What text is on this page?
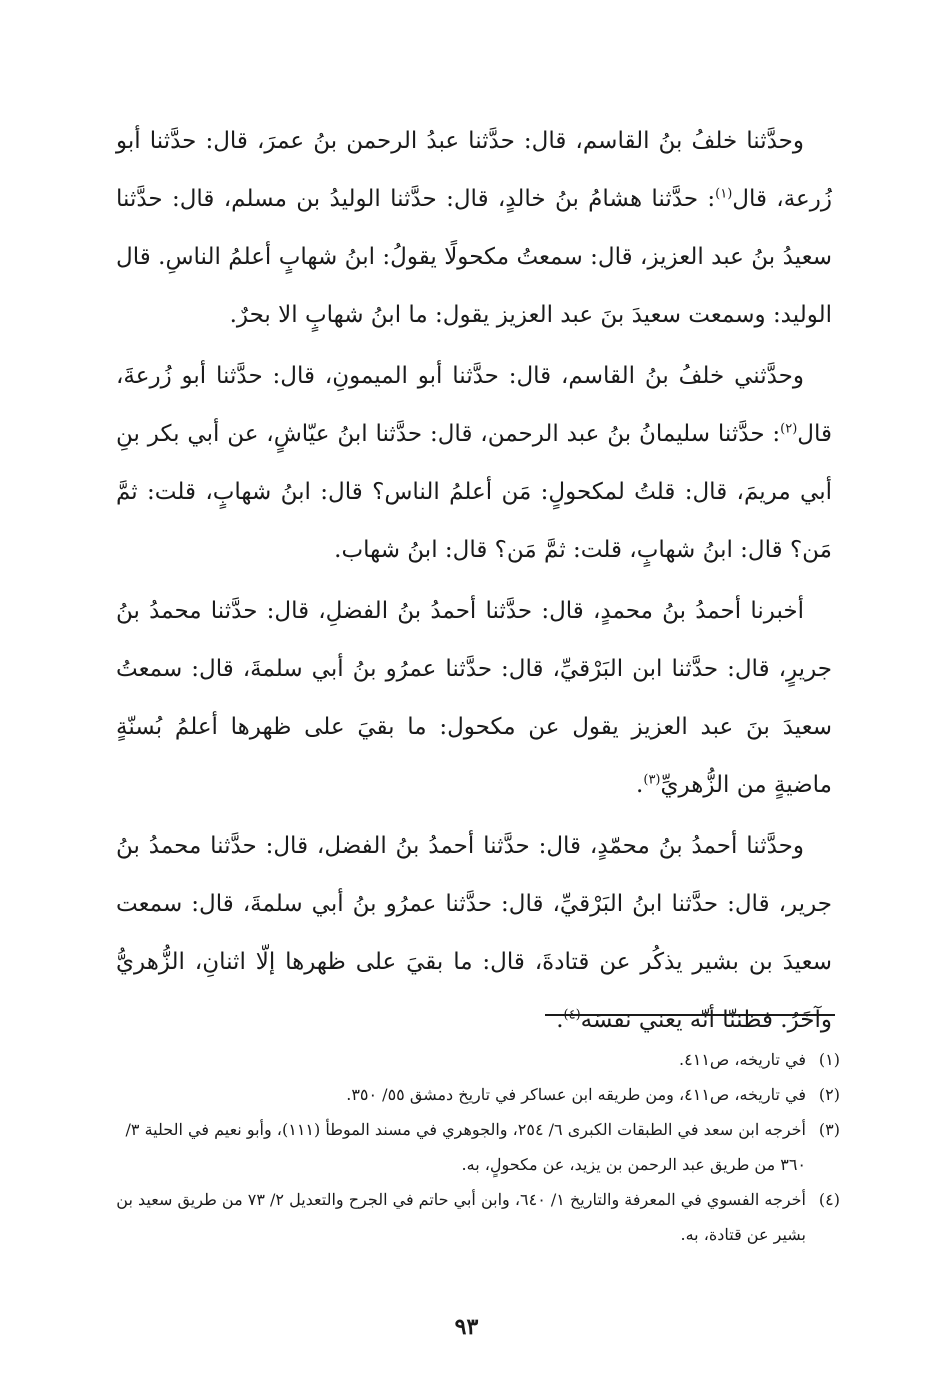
وحدَّثنا خلفُ بنُ القاسم، قال: حدَّثنا عبدُ الرحمن بنُ عمرَ، قال: حدَّثنا أبو زُرعة، قال$^{(١)}$: حدَّثنا هشامُ بنُ خالدٍ، قال: حدَّثنا الوليدُ بن مسلم، قال: حدَّثنا سعيدُ بنُ عبد العزيز، قال: سمعتُ مكحولًا يقولُ: ابنُ شهابٍ أعلمُ الناسِ. قال الوليد: وسمعت سعيدَ بنَ عبد العزيز يقول: ما ابنُ شهابٍ الا بحرٌ.

وحدَّثني خلفُ بنُ القاسم، قال: حدَّثنا أبو الميمونِ، قال: حدَّثنا أبو زُرعةَ، قال$^{(٢)}$: حدَّثنا سليمانُ بنُ عبد الرحمن، قال: حدَّثنا ابنُ عيّاشٍ، عن أبي بكر بنِ أبي مريمَ، قال: قلتُ لمكحولٍ: مَن أعلمُ الناس؟ قال: ابنُ شهابٍ، قلت: ثمَّ مَن؟ قال: ابنُ شهابٍ، قلت: ثمَّ مَن؟ قال: ابنُ شهاب.

أخبرنا أحمدُ بنُ محمدٍ، قال: حدَّثنا أحمدُ بنُ الفضلِ، قال: حدَّثنا محمدُ بنُ جريرٍ، قال: حدَّثنا ابن البَرْقيِّ، قال: حدَّثنا عمرُو بنُ أبي سلمةَ، قال: سمعتُ سعيدَ بنَ عبد العزيز يقول عن مكحول: ما بقيَ على ظهرها أعلمُ بُسنّةٍ ماضيةٍ من الزُّهريِّ$^{(٣)}$.

وحدَّثنا أحمدُ بنُ محمّدٍ، قال: حدَّثنا أحمدُ بنُ الفضل، قال: حدَّثنا محمدُ بنُ جرير، قال: حدَّثنا ابنُ البَرْقيِّ، قال: حدَّثنا عمرُو بنُ أبي سلمةَ، قال: سمعت سعيدَ بن بشير يذكُر عن قتادةَ، قال: ما بقيَ على ظهرها إلّا اثنانِ، الزُّهريُّ وآخَرُ. فظننّا أنّه يعني نفسَه$^{(٤)}$.

(١)في تاريخه، ص٤١١.

(٢)في تاريخه، ص٤١١، ومن طريقه ابن عساكر في تاريخ دمشق ٥٥/ ٣٥٠.

(٣)أخرجه ابن سعد في الطبقات الكبرى ٦/ ٢٥٤، والجوهري في مسند الموطأ (١١١)، وأبو نعيم في الحلية ٣/ ٣٦٠ من طريق عبد الرحمن بن يزيد، عن مكحولٍ، به.

(٤)أخرجه الفسوي في المعرفة والتاريخ ١/ ٦٤٠، وابن أبي حاتم في الجرح والتعديل ٢/ ٧٣ من طريق سعيد بن بشير عن قتادة، به.

٩٣
